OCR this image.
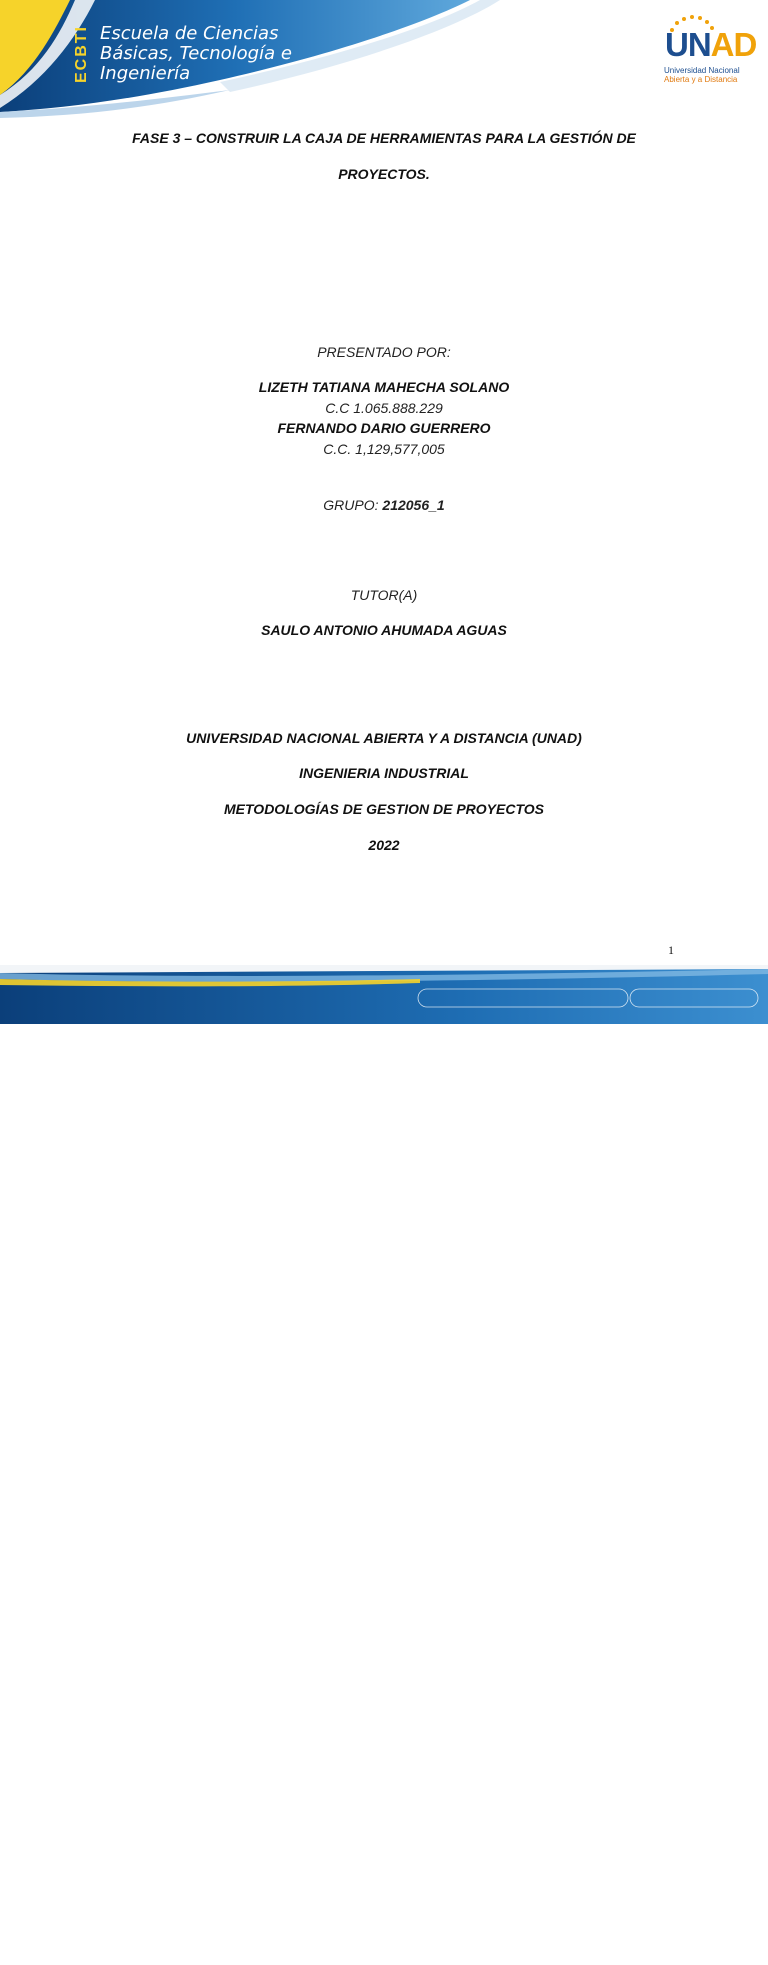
ECBTI Escuela de Ciencias
Básicas, Tecnología e
Ingeniería
UNAD
Universidad Nacional
Abierta y a Distancia
FASE 3 – CONSTRUIR LA CAJA DE HERRAMIENTAS PARA LA GESTIÓN DE
PROYECTOS.
PRESENTADO POR:
LIZETH TATIANA MAHECHA SOLANO
C.C 1.065.888.229
FERNANDO DARIO GUERRERO
C.C. 1,129,577,005
GRUPO: 212056_1
TUTOR(A)
SAULO ANTONIO AHUMADA AGUAS
UNIVERSIDAD NACIONAL ABIERTA Y A DISTANCIA (UNAD)
INGENIERIA INDUSTRIAL
METODOLOGÍAS DE GESTION DE PROYECTOS
2022
1
Prohibida su reproducción y copia sin autorización de la UNAD.	UNAD © 2020 derechos reservados.
